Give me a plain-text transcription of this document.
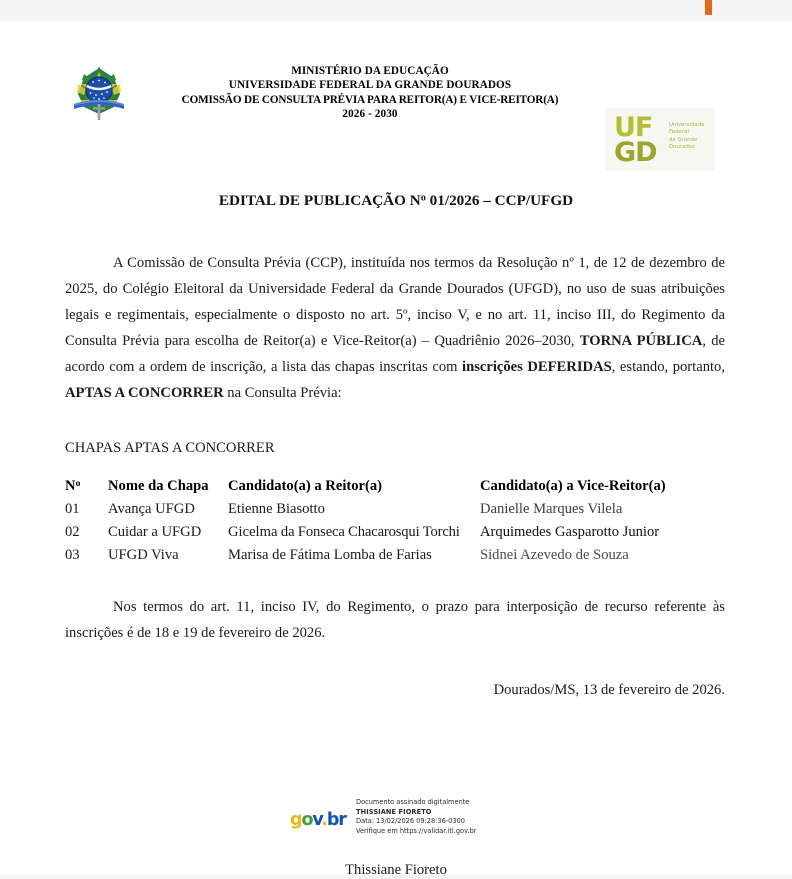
MINISTÉRIO DA EDUCAÇÃO
UNIVERSIDADE FEDERAL DA GRANDE DOURADOS
COMISSÃO DE CONSULTA PRÉVIA PARA REITOR(A) E VICE-REITOR(A)
2026 - 2030	UF
GD
Universidade
Federal
da Grande
Dourados
EDITAL DE PUBLICAÇÃO $N^o$ 01/2026 – CCP/UFGD
A Comissão de Consulta Prévia (CCP), instituída nos termos da Resolução nº 1, de 12 de dezembro de 2025, do Colégio Eleitoral da Universidade Federal da Grande Dourados (UFGD), no uso de suas atribuições legais e regimentais, especialmente o disposto no art. 5º, inciso V, e no art. 11, inciso III, do Regimento da Consulta Prévia para escolha de Reitor(a) e Vice-Reitor(a) – Quadriênio 2026–2030, TORNA PÚBLICA, de acordo com a ordem de inscrição, a lista das chapas inscritas com inscrições DEFERIDAS, estando, portanto, APTAS A CONCORRER na Consulta Prévia:
CHAPAS APTAS A CONCORRER
$N^o$	Nome da Chapa	Candidato(a) a Reitor(a)	Candidato(a) a Vice-Reitor(a)
01	Avança UFGD	Etienne Biasotto	Danielle Marques Vilela
02	Cuidar a UFGD	Gicelma da Fonseca Chacarosqui Torchi	Arquimedes Gasparotto Junior
03	UFGD Viva	Marisa de Fátima Lomba de Farias	Sidnei Azevedo de Souza
Nos termos do art. 11, inciso IV, do Regimento, o prazo para interposição de recurso referente às inscrições é de 18 e 19 de fevereiro de 2026.
Dourados/MS, 13 de fevereiro de 2026.
gov.br
Documento assinado digitalmente
THISSIANE FIORETO
Data: 13/02/2026 09:28:36-0300
Verifique em https://validar.iti.gov.br
Thissiane Fioreto
